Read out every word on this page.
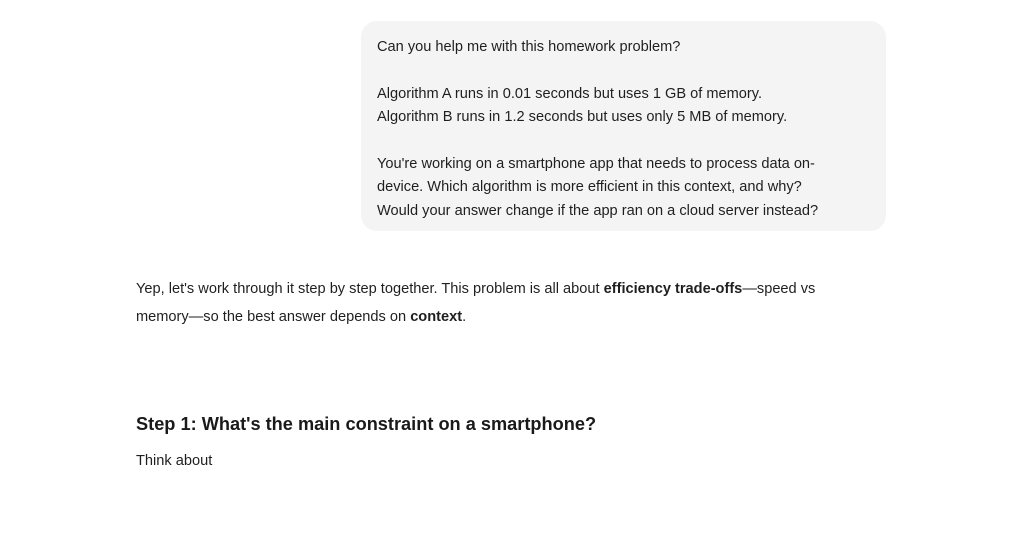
Can you help me with this homework problem?

Algorithm A runs in 0.01 seconds but uses 1 GB of memory.

Algorithm B runs in 1.2 seconds but uses only 5 MB of memory.

You're working on a smartphone app that needs to process data on-

device. Which algorithm is more efficient in this context, and why?

Would your answer change if the app ran on a cloud server instead?

Yep, let's work through it step by step together. This problem is all about efficiency trade-offs—speed vs
memory—so the best answer depends on context.

Step 1: What's the main constraint on a smartphone?

Think about
